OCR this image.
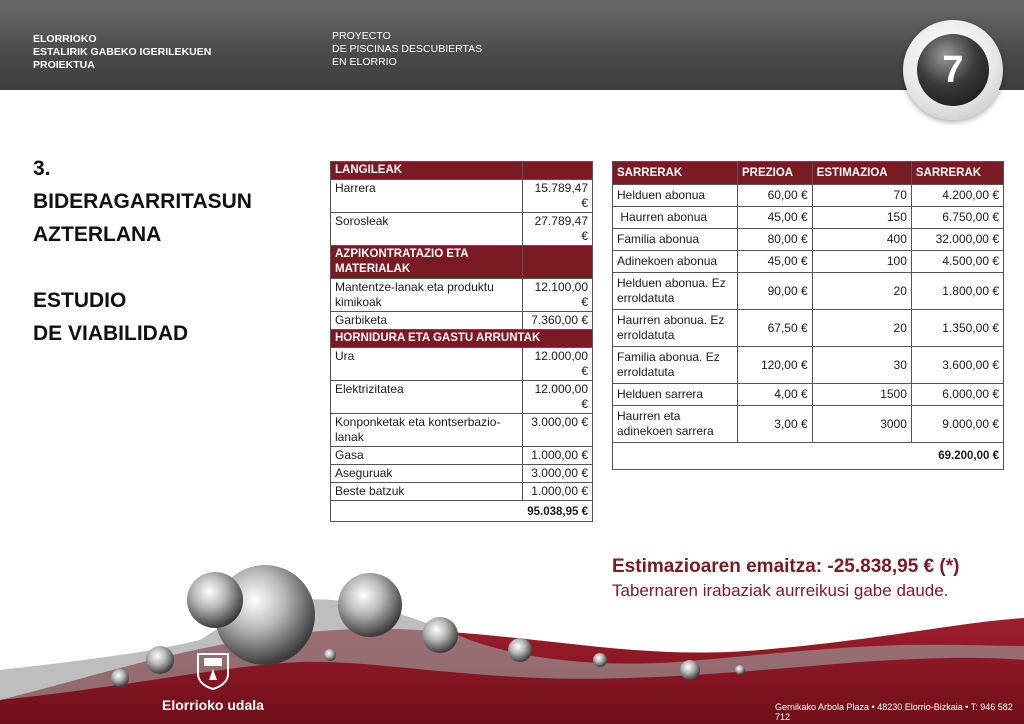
ELORRIOKO
ESTALIRIK GABEKO IGERILEKUEN
PROIEKTUA
PROYECTO
DE PISCINAS DESCUBIERTAS
EN ELORRIO	7
3.
BIDERAGARRITASUN
AZTERLANA
ESTUDIO
DE VIABILIDAD
LANGILEAK	
Harrera	15.789,47 €
Sorosleak	27.789,47 €
AZPIKONTRATAZIO ETA MATERIALAK	
Mantentze-lanak eta produktu kimikoak	12.100,00 €
Garbiketa	7.360,00 €
HORNIDURA ETA GASTU ARRUNTAK	
Ura	12.000,00 €
Elektrizitatea	12.000,00 €
Konponketak eta kontserbazio-lanak	3.000,00 €
Gasa	1.000,00 €
Aseguruak	3.000,00 €
Beste batzuk	1.000,00 €
95.038,95 €	
SARRERAK	PREZIOA	ESTIMAZIOA	SARRERAK
Helduen abonua	60,00 €	70	4.200,00 €
Haurren abonua	45,00 €	150	6.750,00 €
Familia abonua	80,00 €	400	32.000,00 €
Adinekoen abonua	45,00 €	100	4.500,00 €
Helduen abonua. Ez erroldatuta	90,00 €	20	1.800,00 €
Haurren abonua. Ez erroldatuta	67,50 €	20	1.350,00 €
Familia abonua. Ez erroldatuta	120,00 €	30	3.600,00 €
Helduen sarrera	4,00 €	1500	6.000,00 €
Haurren eta adinekoen sarrera	3,00 €	3000	9.000,00 €
69.200,00 €			
Estimazioaren emaitza: -25.838,95 € (*)
Tabernaren irabaziak aurreikusi gabe daude.
Elorrioko udala	Gernikako Arbola Plaza • 48230 Elorrio-Bizkaia • T: 946 582 712
